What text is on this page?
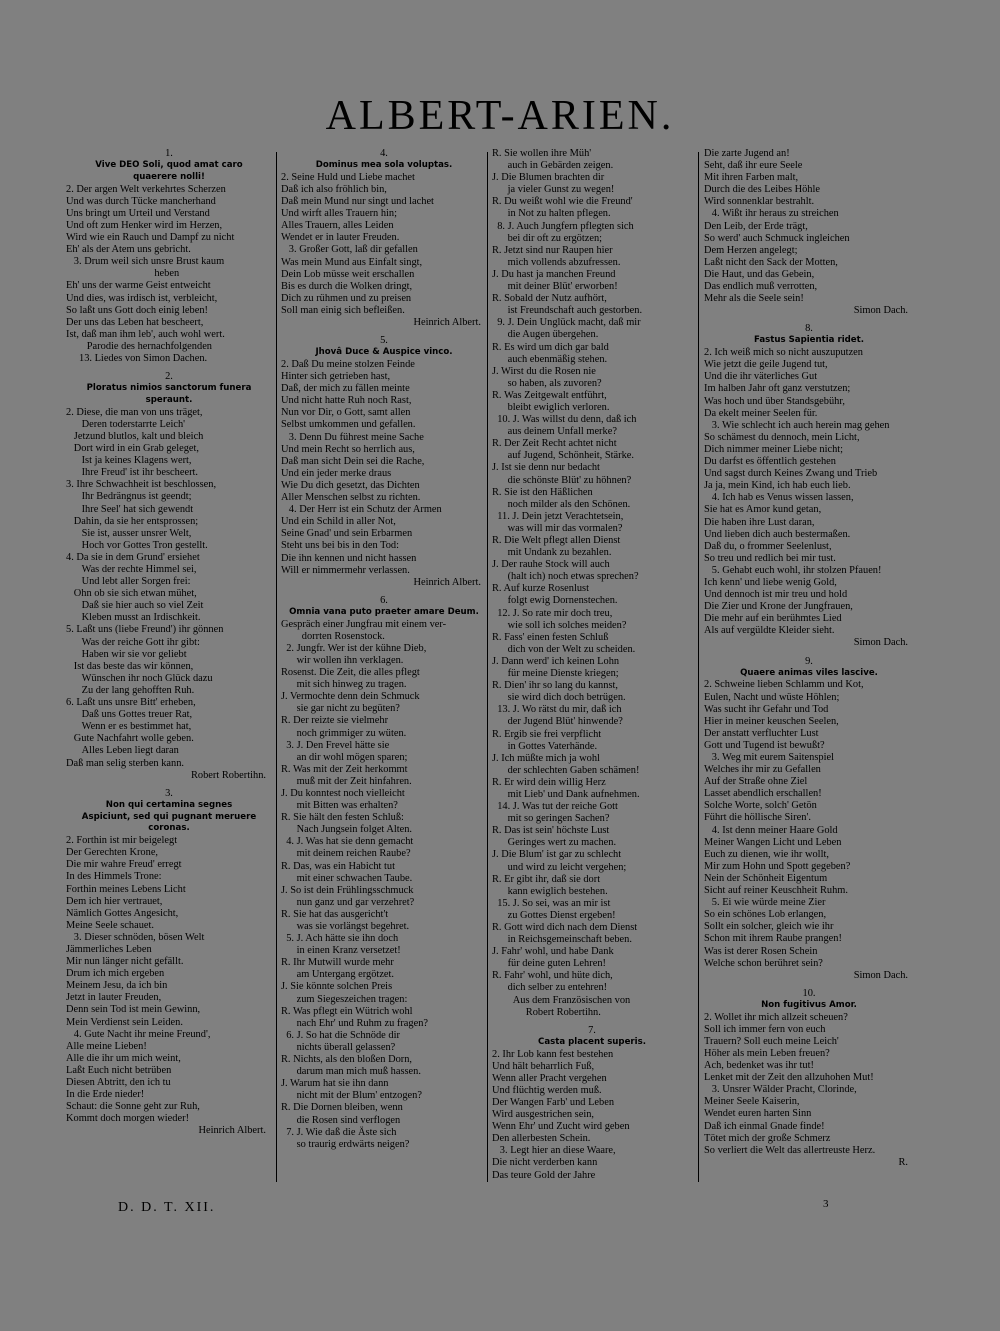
ALBERT-ARIEN.
1.
Vive DEO Soli, quod amat caro
quaerere nolli!
2. Der argen Welt verkehrtes Scherzen
Und was durch Tücke mancherhand
Uns bringt um Urteil und Verstand
Und oft zum Henker wird im Herzen,
Wird wie ein Rauch und Dampf zu nicht
Eh' als der Atem uns gebricht.
3. Drum weil sich unsre Brust kaum
heben
Eh' uns der warme Geist entweicht
Und dies, was irdisch ist, verbleicht,
So laßt uns Gott doch einig leben!
Der uns das Leben hat bescheert,
Ist, daß man ihm leb', auch wohl wert.
Parodie des hernachfolgenden
13. Liedes von Simon Dachen.
2.
Ploratus nimios sanctorum funera
speraunt.
2. Diese, die man von uns träget,
Deren toderstarrte Leich'
Jetzund blutlos, kalt und bleich
Dort wird in ein Grab geleget,
Ist ja keines Klagens wert,
Ihre Freud' ist ihr bescheert.
3. Ihre Schwachheit ist beschlossen,
Ihr Bedrängnus ist geendt;
Ihre Seel' hat sich gewendt
Dahin, da sie her entsprossen;
Sie ist, ausser unsrer Welt,
Hoch vor Gottes Tron gestellt.
4. Da sie in dem Grund' ersiehet
Was der rechte Himmel sei,
Und lebt aller Sorgen frei:
Ohn ob sie sich etwan mühet,
Daß sie hier auch so viel Zeit
Kleben musst an Irdischkeit.
5. Laßt uns (liebe Freund') ihr gönnen
Was der reiche Gott ihr gibt:
Haben wir sie vor geliebt
Ist das beste das wir können,
Wünschen ihr noch Glück dazu
Zu der lang gehofften Ruh.
6. Laßt uns unsre Bitt' erheben,
Daß uns Gottes treuer Rat,
Wenn er es bestimmet hat,
Gute Nachfahrt wolle geben.
Alles Leben liegt daran
Daß man selig sterben kann.
Robert Robertihn.
3.
Non qui certamina segnes
Aspiciunt, sed qui pugnant meruere
coronas.
2. Forthin ist mir beigelegt
Der Gerechten Krone,
Die mir wahre Freud' erregt
In des Himmels Trone:
Forthin meines Lebens Licht
Dem ich hier vertrauet,
Nämlich Gottes Angesicht,
Meine Seele schauet.
3. Dieser schnöden, bösen Welt
Jämmerliches Leben
Mir nun länger nicht gefällt.
Drum ich mich ergeben
Meinem Jesu, da ich bin
Jetzt in lauter Freuden,
Denn sein Tod ist mein Gewinn,
Mein Verdienst sein Leiden.
4. Gute Nacht ihr meine Freund',
Alle meine Lieben!
Alle die ihr um mich weint,
Laßt Euch nicht betrüben
Diesen Abtritt, den ich tu
In die Erde nieder!
Schaut: die Sonne geht zur Ruh,
Kommt doch morgen wieder!
Heinrich Albert.
4.
Dominus mea sola voluptas.
2. Seine Huld und Liebe machet
Daß ich also fröhlich bin,
Daß mein Mund nur singt und lachet
Und wirft alles Trauern hin;
Alles Trauern, alles Leiden
Wendet er in lauter Freuden.
3. Großer Gott, laß dir gefallen
Was mein Mund aus Einfalt singt,
Dein Lob müsse weit erschallen
Bis es durch die Wolken dringt,
Dich zu rühmen und zu preisen
Soll man einig sich befleißen.
Heinrich Albert.
5.
Jhovâ Duce & Auspice vinco.
2. Daß Du meine stolzen Feinde
Hinter sich getrieben hast,
Daß, der mich zu fällen meinte
Und nicht hatte Ruh noch Rast,
Nun vor Dir, o Gott, samt allen
Selbst umkommen und gefallen.
3. Denn Du führest meine Sache
Und mein Recht so herrlich aus,
Daß man sicht Dein sei die Rache,
Und ein jeder merke draus
Wie Du dich gesetzt, das Dichten
Aller Menschen selbst zu richten.
4. Der Herr ist ein Schutz der Armen
Und ein Schild in aller Not,
Seine Gnad' und sein Erbarmen
Steht uns bei bis in den Tod:
Die ihn kennen und nicht hassen
Will er nimmermehr verlassen.
Heinrich Albert.
6.
Omnia vana puto praeter amare Deum.
Gespräch einer Jungfrau mit einem ver-
dorrten Rosenstock.
2. Jungfr. Wer ist der kühne Dieb,
wir wollen ihn verklagen.
Rosenst. Die Zeit, die alles pflegt
mit sich hinweg zu tragen.
J. Vermochte denn dein Schmuck
sie gar nicht zu begüten?
R. Der reizte sie vielmehr
noch grimmiger zu wüten.
3. J. Den Frevel hätte sie
an dir wohl mögen sparen;
R. Was mit der Zeit herkommt
muß mit der Zeit hinfahren.
J. Du konntest noch vielleicht
mit Bitten was erhalten?
R. Sie hält den festen Schluß:
Nach Jungsein folget Alten.
4. J. Was hat sie denn gemacht
mit deinem reichen Raube?
R. Das, was ein Habicht tut
mit einer schwachen Taube.
J. So ist dein Frühlingsschmuck
nun ganz und gar verzehret?
R. Sie hat das ausgericht't
was sie vorlängst begehret.
5. J. Ach hätte sie ihn doch
in einen Kranz versetzet!
R. Ihr Mutwill wurde mehr
am Untergang ergötzet.
J. Sie könnte solchen Preis
zum Siegeszeichen tragen:
R. Was pflegt ein Wütrich wohl
nach Ehr' und Ruhm zu fragen?
6. J. So hat die Schnöde dir
nichts überall gelassen?
R. Nichts, als den bloßen Dorn,
darum man mich muß hassen.
J. Warum hat sie ihn dann
nicht mit der Blum' entzogen?
R. Die Dornen bleiben, wenn
die Rosen sind verflogen
7. J. Wie daß die Äste sich
so traurig erdwärts neigen?
R. Sie wollen ihre Müh'
auch in Gebärden zeigen.
J. Die Blumen brachten dir
ja vieler Gunst zu wegen!
R. Du weißt wohl wie die Freund'
in Not zu halten pflegen.
8. J. Auch Jungfern pflegten sich
bei dir oft zu ergötzen;
R. Jetzt sind nur Raupen hier
mich vollends abzufressen.
J. Du hast ja manchen Freund
mit deiner Blüt' erworben!
R. Sobald der Nutz aufhört,
ist Freundschaft auch gestorben.
9. J. Dein Unglück macht, daß mir
die Augen übergehen.
R. Es wird um dich gar bald
auch ebenmäßig stehen.
J. Wirst du die Rosen nie
so haben, als zuvoren?
R. Was Zeitgewalt entführt,
bleibt ewiglich verloren.
10. J. Was willst du denn, daß ich
aus deinem Unfall merke?
R. Der Zeit Recht achtet nicht
auf Jugend, Schönheit, Stärke.
J. Ist sie denn nur bedacht
die schönste Blüt' zu höhnen?
R. Sie ist den Häßlichen
noch milder als den Schönen.
11. J. Dein jetzt Verachtetsein,
was will mir das vormalen?
R. Die Welt pflegt allen Dienst
mit Undank zu bezahlen.
J. Der rauhe Stock will auch
(halt ich) noch etwas sprechen?
R. Auf kurze Rosenlust
folgt ewig Dornenstechen.
12. J. So rate mir doch treu,
wie soll ich solches meiden?
R. Fass' einen festen Schluß
dich von der Welt zu scheiden.
J. Dann werd' ich keinen Lohn
für meine Dienste kriegen;
R. Dien' ihr so lang du kannst,
sie wird dich doch betrügen.
13. J. Wo rätst du mir, daß ich
der Jugend Blüt' hinwende?
R. Ergib sie frei verpflicht
in Gottes Vaterhände.
J. Ich müßte mich ja wohl
der schlechten Gaben schämen!
R. Er wird dein willig Herz
mit Lieb' und Dank aufnehmen.
14. J. Was tut der reiche Gott
mit so geringen Sachen?
R. Das ist sein' höchste Lust
Geringes wert zu machen.
J. Die Blum' ist gar zu schlecht
und wird zu leicht vergehen;
R. Er gibt ihr, daß sie dort
kann ewiglich bestehen.
15. J. So sei, was an mir ist
zu Gottes Dienst ergeben!
R. Gott wird dich nach dem Dienst
in Reichsgemeinschaft beben.
J. Fahr' wohl, und habe Dank
für deine guten Lehren!
R. Fahr' wohl, und hüte dich,
dich selber zu entehren!
Aus dem Französischen von
Robert Robertihn.
7.
Casta placent superis.
2. Ihr Lob kann fest bestehen
Und hält beharrlich Fuß,
Wenn aller Pracht vergehen
Und flüchtig werden muß.
Der Wangen Farb' und Leben
Wird ausgestrichen sein,
Wenn Ehr' und Zucht wird geben
Den allerbesten Schein.
3. Legt hier an diese Waare,
Die nicht verderben kann
Das teure Gold der Jahre
Die zarte Jugend an!
Seht, daß ihr eure Seele
Mit ihren Farben malt,
Durch die des Leibes Höhle
Wird sonnenklar bestrahlt.
4. Wißt ihr heraus zu streichen
Den Leib, der Erde trägt,
So werd' auch Schmuck ingleichen
Dem Herzen angelegt;
Laßt nicht den Sack der Motten,
Die Haut, und das Gebein,
Das endlich muß verrotten,
Mehr als die Seele sein!
Simon Dach.
8.
Fastus Sapientia ridet.
2. Ich weiß mich so nicht auszuputzen
Wie jetzt die geile Jugend tut,
Und die ihr väterliches Gut
Im halben Jahr oft ganz verstutzen;
Was hoch und über Standsgebühr,
Da ekelt meiner Seelen für.
3. Wie schlecht ich auch herein mag gehen
So schämest du dennoch, mein Licht,
Dich nimmer meiner Liebe nicht;
Du darfst es öffentlich gestehen
Und sagst durch Keines Zwang und Trieb
Ja ja, mein Kind, ich hab euch lieb.
4. Ich hab es Venus wissen lassen,
Sie hat es Amor kund getan,
Die haben ihre Lust daran,
Und lieben dich auch bestermaßen.
Daß du, o frommer Seelenlust,
So treu und redlich bei mir tust.
5. Gehabt euch wohl, ihr stolzen Pfauen!
Ich kenn' und liebe wenig Gold,
Und dennoch ist mir treu und hold
Die Zier und Krone der Jungfrauen,
Die mehr auf ein berühmtes Lied
Als auf vergüldte Kleider sieht.
Simon Dach.
9.
Quaere animas viles lascive.
2. Schweine lieben Schlamm und Kot,
Eulen, Nacht und wüste Höhlen;
Was sucht ihr Gefahr und Tod
Hier in meiner keuschen Seelen,
Der anstatt verfluchter Lust
Gott und Tugend ist bewußt?
3. Weg mit eurem Saitenspiel
Welches ihr mir zu Gefallen
Auf der Straße ohne Ziel
Lasset abendlich erschallen!
Solche Worte, solch' Getön
Führt die höllische Siren'.
4. Ist denn meiner Haare Gold
Meiner Wangen Licht und Leben
Euch zu dienen, wie ihr wollt,
Mir zum Hohn und Spott gegeben?
Nein der Schönheit Eigentum
Sicht auf reiner Keuschheit Ruhm.
5. Ei wie würde meine Zier
So ein schönes Lob erlangen,
Sollt ein solcher, gleich wie ihr
Schon mit ihrem Raube prangen!
Was ist derer Rosen Schein
Welche schon berühret sein?
Simon Dach.
10.
Non fugitivus Amor.
2. Wollet ihr mich allzeit scheuen?
Soll ich immer fern von euch
Trauern? Soll euch meine Leich'
Höher als mein Leben freuen?
Ach, bedenket was ihr tut!
Lenket mit der Zeit den allzuhohen Mut!
3. Unsrer Wälder Pracht, Clorinde,
Meiner Seele Kaiserin,
Wendet euren harten Sinn
Daß ich einmal Gnade finde!
Tötet mich der große Schmerz
So verliert die Welt das allertreuste Herz.
R.
D. D. T. XII.	3
